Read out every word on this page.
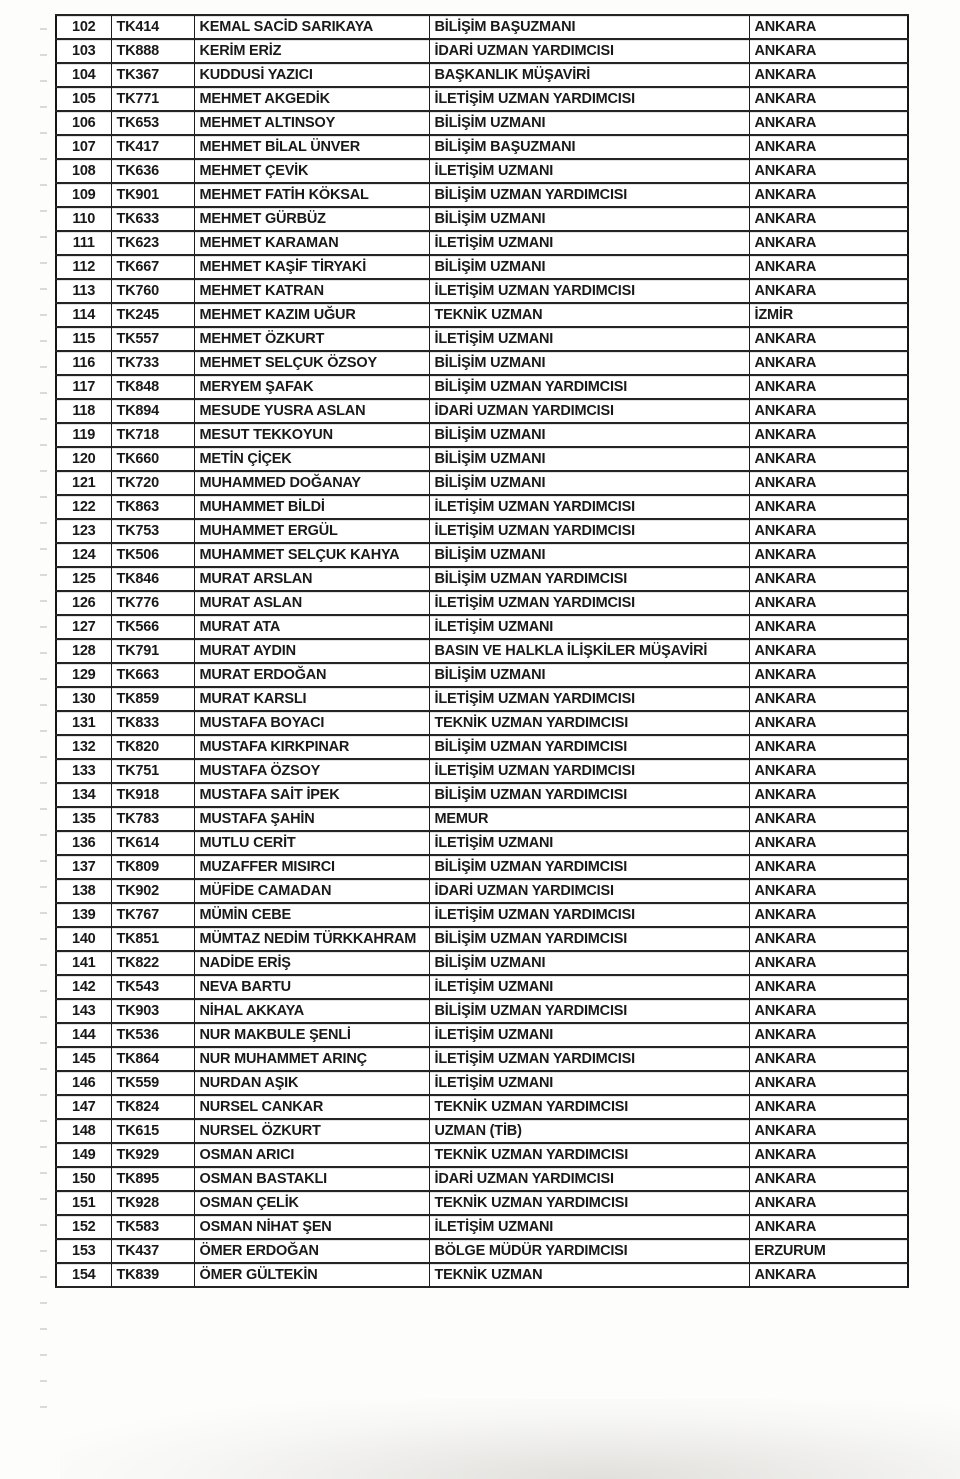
102	TK414	KEMAL SACİD SARIKAYA	BİLİŞİM BAŞUZMANI	ANKARA
103	TK888	KERİM ERİZ	İDARİ UZMAN YARDIMCISI	ANKARA
104	TK367	KUDDUSİ YAZICI	BAŞKANLIK MÜŞAVİRİ	ANKARA
105	TK771	MEHMET AKGEDİK	İLETİŞİM UZMAN YARDIMCISI	ANKARA
106	TK653	MEHMET ALTINSOY	BİLİŞİM UZMANI	ANKARA
107	TK417	MEHMET BİLAL ÜNVER	BİLİŞİM BAŞUZMANI	ANKARA
108	TK636	MEHMET ÇEVİK	İLETİŞİM UZMANI	ANKARA
109	TK901	MEHMET FATİH KÖKSAL	BİLİŞİM UZMAN YARDIMCISI	ANKARA
110	TK633	MEHMET GÜRBÜZ	BİLİŞİM UZMANI	ANKARA
111	TK623	MEHMET KARAMAN	İLETİŞİM UZMANI	ANKARA
112	TK667	MEHMET KAŞİF TİRYAKİ	BİLİŞİM UZMANI	ANKARA
113	TK760	MEHMET KATRAN	İLETİŞİM UZMAN YARDIMCISI	ANKARA
114	TK245	MEHMET KAZIM UĞUR	TEKNİK UZMAN	İZMİR
115	TK557	MEHMET ÖZKURT	İLETİŞİM UZMANI	ANKARA
116	TK733	MEHMET SELÇUK ÖZSOY	BİLİŞİM UZMANI	ANKARA
117	TK848	MERYEM ŞAFAK	BİLİŞİM UZMAN YARDIMCISI	ANKARA
118	TK894	MESUDE YUSRA ASLAN	İDARİ UZMAN YARDIMCISI	ANKARA
119	TK718	MESUT TEKKOYUN	BİLİŞİM UZMANI	ANKARA
120	TK660	METİN ÇİÇEK	BİLİŞİM UZMANI	ANKARA
121	TK720	MUHAMMED DOĞANAY	BİLİŞİM UZMANI	ANKARA
122	TK863	MUHAMMET BİLDİ	İLETİŞİM UZMAN YARDIMCISI	ANKARA
123	TK753	MUHAMMET ERGÜL	İLETİŞİM UZMAN YARDIMCISI	ANKARA
124	TK506	MUHAMMET SELÇUK KAHYA	BİLİŞİM UZMANI	ANKARA
125	TK846	MURAT ARSLAN	BİLİŞİM UZMAN YARDIMCISI	ANKARA
126	TK776	MURAT ASLAN	İLETİŞİM UZMAN YARDIMCISI	ANKARA
127	TK566	MURAT ATA	İLETİŞİM UZMANI	ANKARA
128	TK791	MURAT AYDIN	BASIN VE HALKLA İLİŞKİLER MÜŞAVİRİ	ANKARA
129	TK663	MURAT ERDOĞAN	BİLİŞİM UZMANI	ANKARA
130	TK859	MURAT KARSLI	İLETİŞİM UZMAN YARDIMCISI	ANKARA
131	TK833	MUSTAFA BOYACI	TEKNİK UZMAN YARDIMCISI	ANKARA
132	TK820	MUSTAFA KIRKPINAR	BİLİŞİM UZMAN YARDIMCISI	ANKARA
133	TK751	MUSTAFA ÖZSOY	İLETİŞİM UZMAN YARDIMCISI	ANKARA
134	TK918	MUSTAFA SAİT İPEK	BİLİŞİM UZMAN YARDIMCISI	ANKARA
135	TK783	MUSTAFA ŞAHİN	MEMUR	ANKARA
136	TK614	MUTLU CERİT	İLETİŞİM UZMANI	ANKARA
137	TK809	MUZAFFER MISIRCI	BİLİŞİM UZMAN YARDIMCISI	ANKARA
138	TK902	MÜFİDE CAMADAN	İDARİ UZMAN YARDIMCISI	ANKARA
139	TK767	MÜMİN CEBE	İLETİŞİM UZMAN YARDIMCISI	ANKARA
140	TK851	MÜMTAZ NEDİM TÜRKKAHRAM	BİLİŞİM UZMAN YARDIMCISI	ANKARA
141	TK822	NADİDE ERİŞ	BİLİŞİM UZMANI	ANKARA
142	TK543	NEVA BARTU	İLETİŞİM UZMANI	ANKARA
143	TK903	NİHAL AKKAYA	BİLİŞİM UZMAN YARDIMCISI	ANKARA
144	TK536	NUR MAKBULE ŞENLİ	İLETİŞİM UZMANI	ANKARA
145	TK864	NUR MUHAMMET ARINÇ	İLETİŞİM UZMAN YARDIMCISI	ANKARA
146	TK559	NURDAN AŞIK	İLETİŞİM UZMANI	ANKARA
147	TK824	NURSEL CANKAR	TEKNİK UZMAN YARDIMCISI	ANKARA
148	TK615	NURSEL ÖZKURT	UZMAN (TİB)	ANKARA
149	TK929	OSMAN ARICI	TEKNİK UZMAN YARDIMCISI	ANKARA
150	TK895	OSMAN BASTAKLI	İDARİ UZMAN YARDIMCISI	ANKARA
151	TK928	OSMAN ÇELİK	TEKNİK UZMAN YARDIMCISI	ANKARA
152	TK583	OSMAN NİHAT ŞEN	İLETİŞİM UZMANI	ANKARA
153	TK437	ÖMER ERDOĞAN	BÖLGE MÜDÜR YARDIMCISI	ERZURUM
154	TK839	ÖMER GÜLTEKİN	TEKNİK UZMAN	ANKARA
